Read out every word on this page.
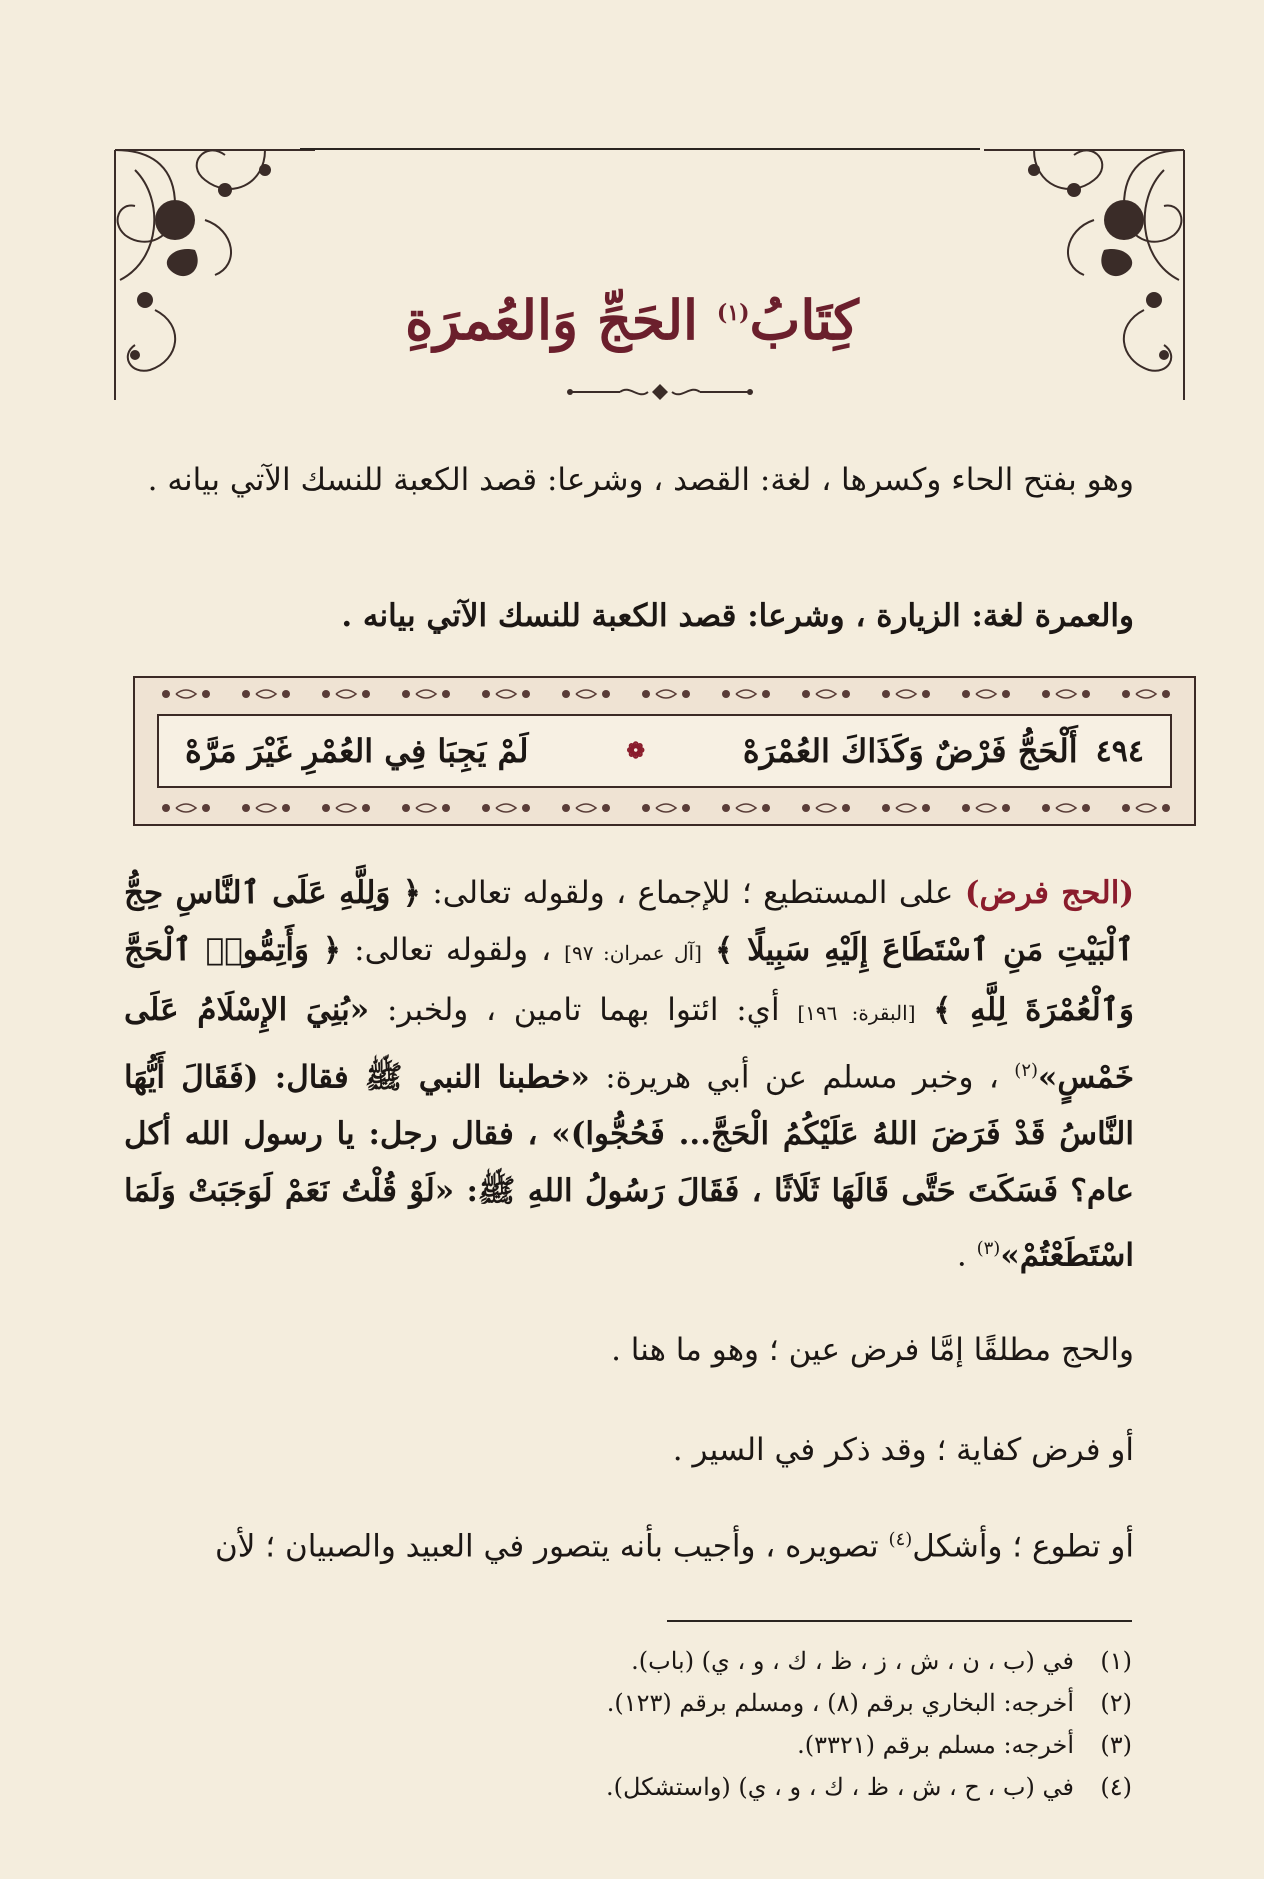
كِتَابُ$^{(١)}$ الحَجِّ وَالعُمرَةِ
وهو بفتح الحاء وكسرها ، لغة: القصد ، وشرعا: قصد الكعبة للنسك الآتي بيانه .
والعمرة لغة: الزيارة ، وشرعا: قصد الكعبة للنسك الآتي بيانه .
٤٩٤
أَلْحَجُّ فَرْضٌ وَكَذَاكَ العُمْرَهْ
❁
لَمْ يَجِبَا فِي العُمْرِ غَيْرَ مَرَّهْ
(الحج فرض) على المستطيع ؛ للإجماع ، ولقوله تعالى: ﴿ وَلِلَّهِ عَلَى ٱلنَّاسِ حِجُّ ٱلْبَيْتِ مَنِ ٱسْتَطَاعَ إِلَيْهِ سَبِيلًا ﴾ [آل عمران: ٩٧] ، ولقوله تعالى: ﴿ وَأَتِمُّوا۟ ٱلْحَجَّ وَٱلْعُمْرَةَ لِلَّهِ ﴾ [البقرة: ١٩٦] أي: ائتوا بهما تامين ، ولخبر: «بُنِيَ الإِسْلَامُ عَلَى خَمْسٍ»$^{(٢)}$ ، وخبر مسلم عن أبي هريرة: «خطبنا النبي ﷺ فقال: (فَقَالَ أَيُّهَا النَّاسُ قَدْ فَرَضَ اللهُ عَلَيْكُمُ الْحَجَّ... فَحُجُّوا)» ، فقال رجل: يا رسول الله أكل عام؟ فَسَكَتَ حَتَّى قَالَهَا ثَلَاثًا ، فَقَالَ رَسُولُ اللهِ ﷺ: «لَوْ قُلْتُ نَعَمْ لَوَجَبَتْ وَلَمَا اسْتَطَعْتُمْ»$^{(٣)}$ .
والحج مطلقًا إمَّا فرض عين ؛ وهو ما هنا .
أو فرض كفاية ؛ وقد ذكر في السير .
أو تطوع ؛ وأشكل$^{(٤)}$ تصويره ، وأجيب بأنه يتصور في العبيد والصبيان ؛ لأن
(١)
في (ب ، ن ، ش ، ز ، ظ ، ك ، و ، ي) (باب).
(٢)
أخرجه: البخاري برقم (٨) ، ومسلم برقم (١٢٣).
(٣)
أخرجه: مسلم برقم (٣٣٢١).
(٤)
في (ب ، ح ، ش ، ظ ، ك ، و ، ي) (واستشكل).
